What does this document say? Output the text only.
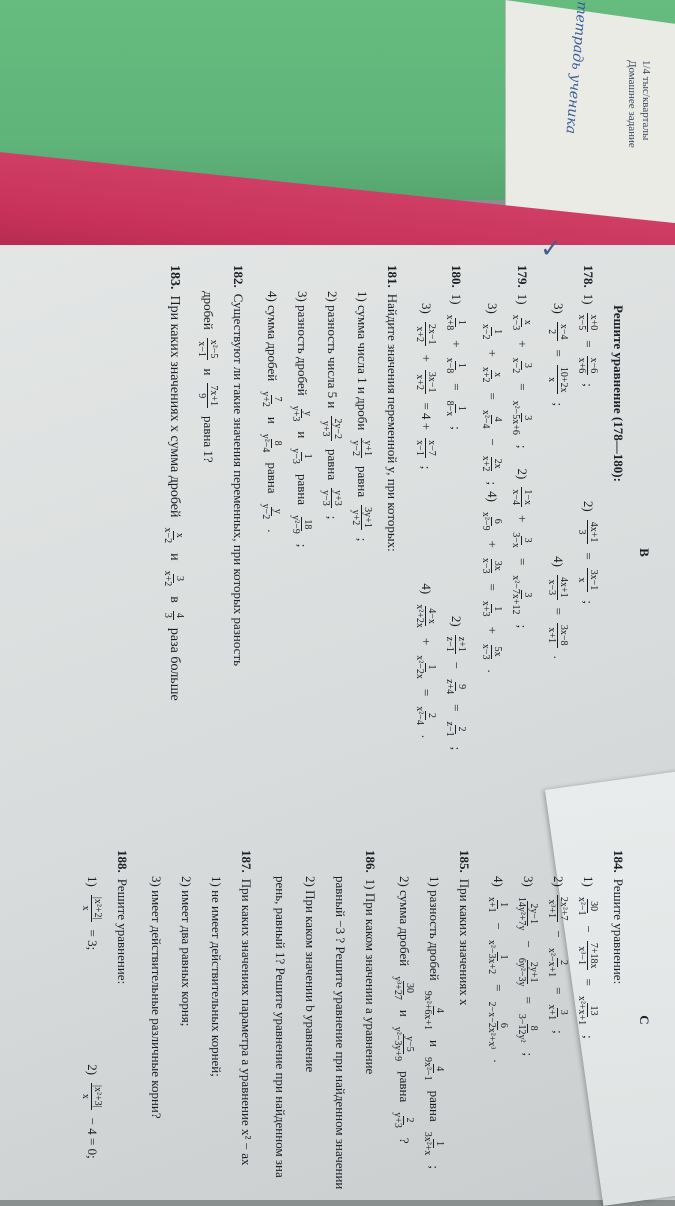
1/4 тыс/кварталы
Домашнее задание
тетрадь ученика
✓
В
Решите уравнение (178—180):
178.
1)
x+0
x−5
=
x−6
x+6
;
2)
4x+1
3
=
3x−1
x
;
3)
x−4
2
=
10+2x
x
;
4)
4x+1
x−3
=
3x−8
x+1
.
179.
1)
x
x−3
+
3
x−2
=
3
x²−5x+6
;
2)
1−x
x−4
+
3
3−x
=
3
x²−7x+12
;
3)
1
x−2
+
x
x+2
=
4
x²−4
−
2x
x+2
;
4)
6
x²−9
+
3x
x−3
=
1
x+3
+
5x
x−3
.
180.
1)
1
x+8
+
1
x−8
=
1
8−x
;
2)
z+1
z−1
−
9
z+4
=
2
z−1
;
3)
2x−1
x+2
+
3x−1
x+2
= 4 +
x−7
x−1
;
4)
4−x
x²+2x
+
1
x²−2x
=
2
x²−4
.
181.
Найдите значения переменной y, при которых:
1) сумма числа 1 и дроби
y+1
y−2
равна
3y+1
y+2
;
2) разность числа 5 и
2y−2
y+3
равна
y+3
y−3
;
3) разность дробей
y
y+3
и
1
y−3
равна
18
y²−9
;
4) сумма дробей
7
y+2
и
8
y²−4
равна
y
y−2
.
182.
Существуют ли такие значения переменных, при которых разность
дробей
x²−5
x−1
и
7x+1
9
равна 1?
183.
При каких значениях x сумма дробей
x
x−2
и
3
x+2
в
4
3
раза больше
С
184.
Решите уравнение:
1)
30
x²−1
−
7+18x
x³−1
=
13
x²+x+1
;
2)
2x²+7
x³+1
−
2
x²−x+1
=
3
x+1
;
3)
2y−1
14y²+7y
−
2y+1
6y²−3y
=
8
3−12y²
;
4)
1
x+1
−
1
x²−3x+2
=
6
2−x−2x²+x³
.
185.
При каких значениях x
1) разность дробей
4
9x²+6x+1
и
4
9x²−1
равна
1
3x²+x
;
2) сумма дробей
30
y³+27
и
y−5
y²−3y+9
равна
2
y+3
?
186.
1) При каком значении a уравнение
равный −3 ? Решите уравнение при найденном значении
2) При каком значении b уравнение
рень, равный 1? Решите уравнение при найденном зна
187.
При каких значениях параметра a уравнение x² − ax
1) не имеет действительных корней;
2) имеет два равных корня;
3) имеет действительные различные корни?
188.
Решите уравнение:
1)
|x²+2|
x
= 3;
2)
|x²+3|
x
− 4 = 0;
